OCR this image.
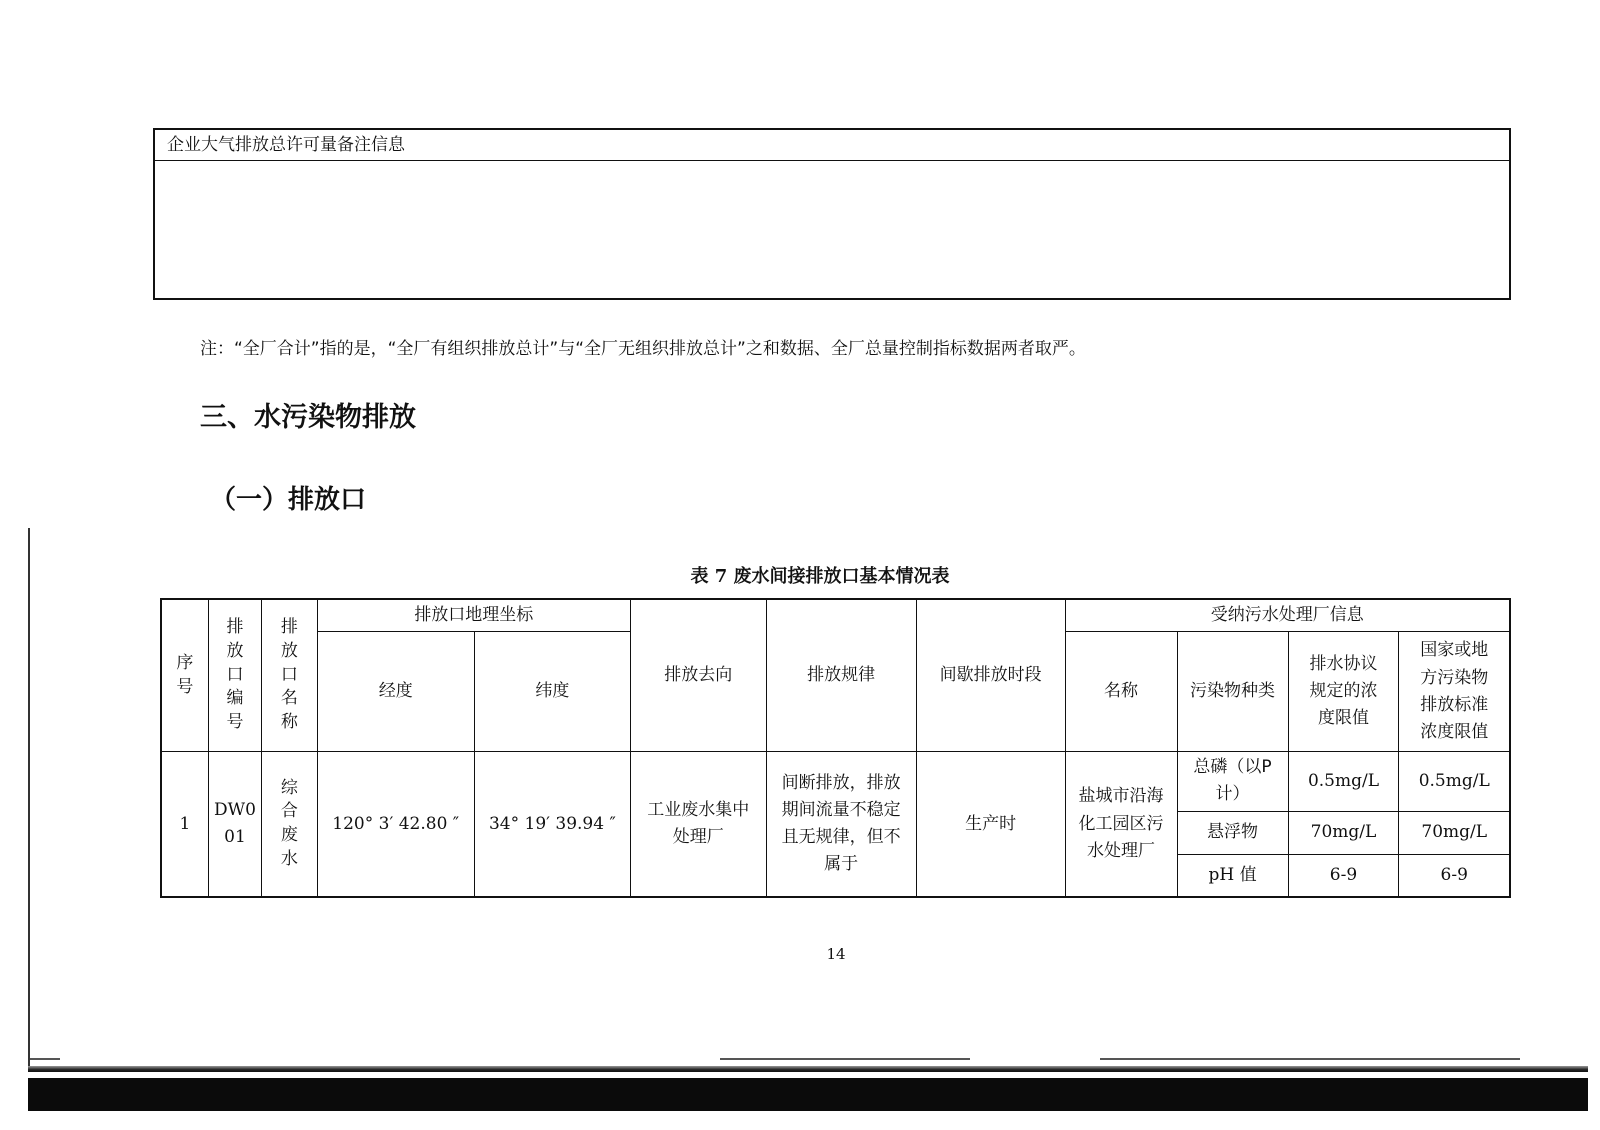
企业大气排放总许可量备注信息
注：“全厂合计”指的是，“全厂有组织排放总计”与“全厂无组织排放总计”之和数据、全厂总量控制指标数据两者取严。
三、水污染物排放
（一）排放口
表 7 废水间接排放口基本情况表
序号	排放口编号	排放口名称	排放口地理坐标		排放去向	排放规律	间歇排放时段	受纳污水处理厂信息			
			经度	纬度				名称	污染物种类	排水协议规定的浓度限值	国家或地方污染物排放标准浓度限值

1	DW001	综合废水	120° 3′ 42.80 ″	34° 19′ 39.94 ″	工业废水集中处理厂	间断排放，排放期间流量不稳定且无规律，但不属于	生产时	盐城市沿海化工园区污水处理厂	总磷（以P计）	0.5mg/L	0.5mg/L
									悬浮物	70mg/L	70mg/L
									pH 值	6-9	6-9
14
